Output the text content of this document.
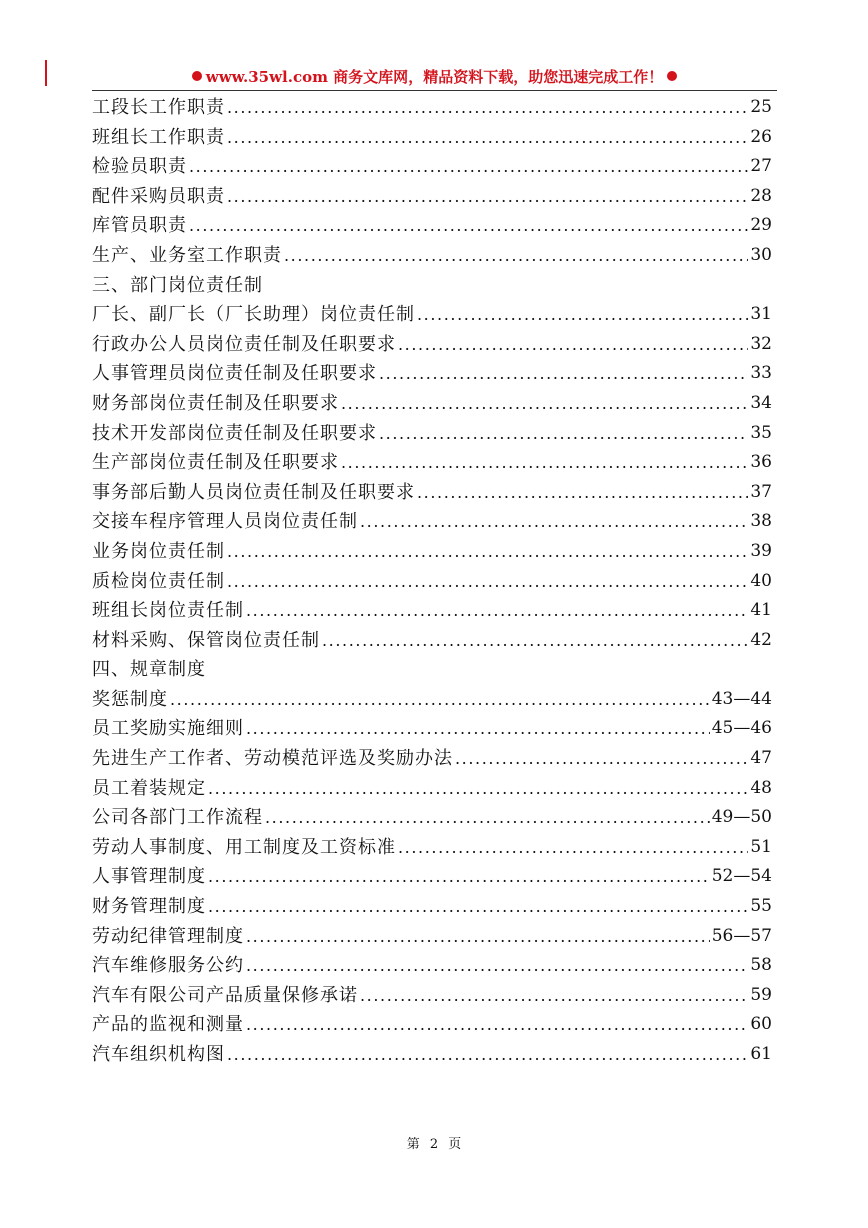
www.35wl.com 商务文库网，精品资料下载，助您迅速完成工作！
工段长工作职责 .....	25
班组长工作职责 .....	26
检验员职责 .....	27
配件采购员职责 .....	28
库管员职责 .....	29
生产、业务室工作职责 .....	30
三、部门岗位责任制
厂长、副厂长（厂长助理）岗位责任制 .....	31
行政办公人员岗位责任制及任职要求 .....	32
人事管理员岗位责任制及任职要求 .....	33
财务部岗位责任制及任职要求 .....	34
技术开发部岗位责任制及任职要求 .....	35
生产部岗位责任制及任职要求 .....	36
事务部后勤人员岗位责任制及任职要求 .....	37
交接车程序管理人员岗位责任制 .....	38
业务岗位责任制 .....	39
质检岗位责任制 .....	40
班组长岗位责任制 .....	41
材料采购、保管岗位责任制 .....	42
四、规章制度
奖惩制度 .....	43—44
员工奖励实施细则 .....	45—46
先进生产工作者、劳动模范评选及奖励办法 .....	47
员工着装规定 .....	48
公司各部门工作流程 .....	49—50
劳动人事制度、用工制度及工资标准 .....	51
人事管理制度 .....	52—54
财务管理制度 .....	55
劳动纪律管理制度 .....	56—57
汽车维修服务公约 .....	58
汽车有限公司产品质量保修承诺 .....	59
产品的监视和测量 .....	60
汽车组织机构图 .....	61
第 2 页
